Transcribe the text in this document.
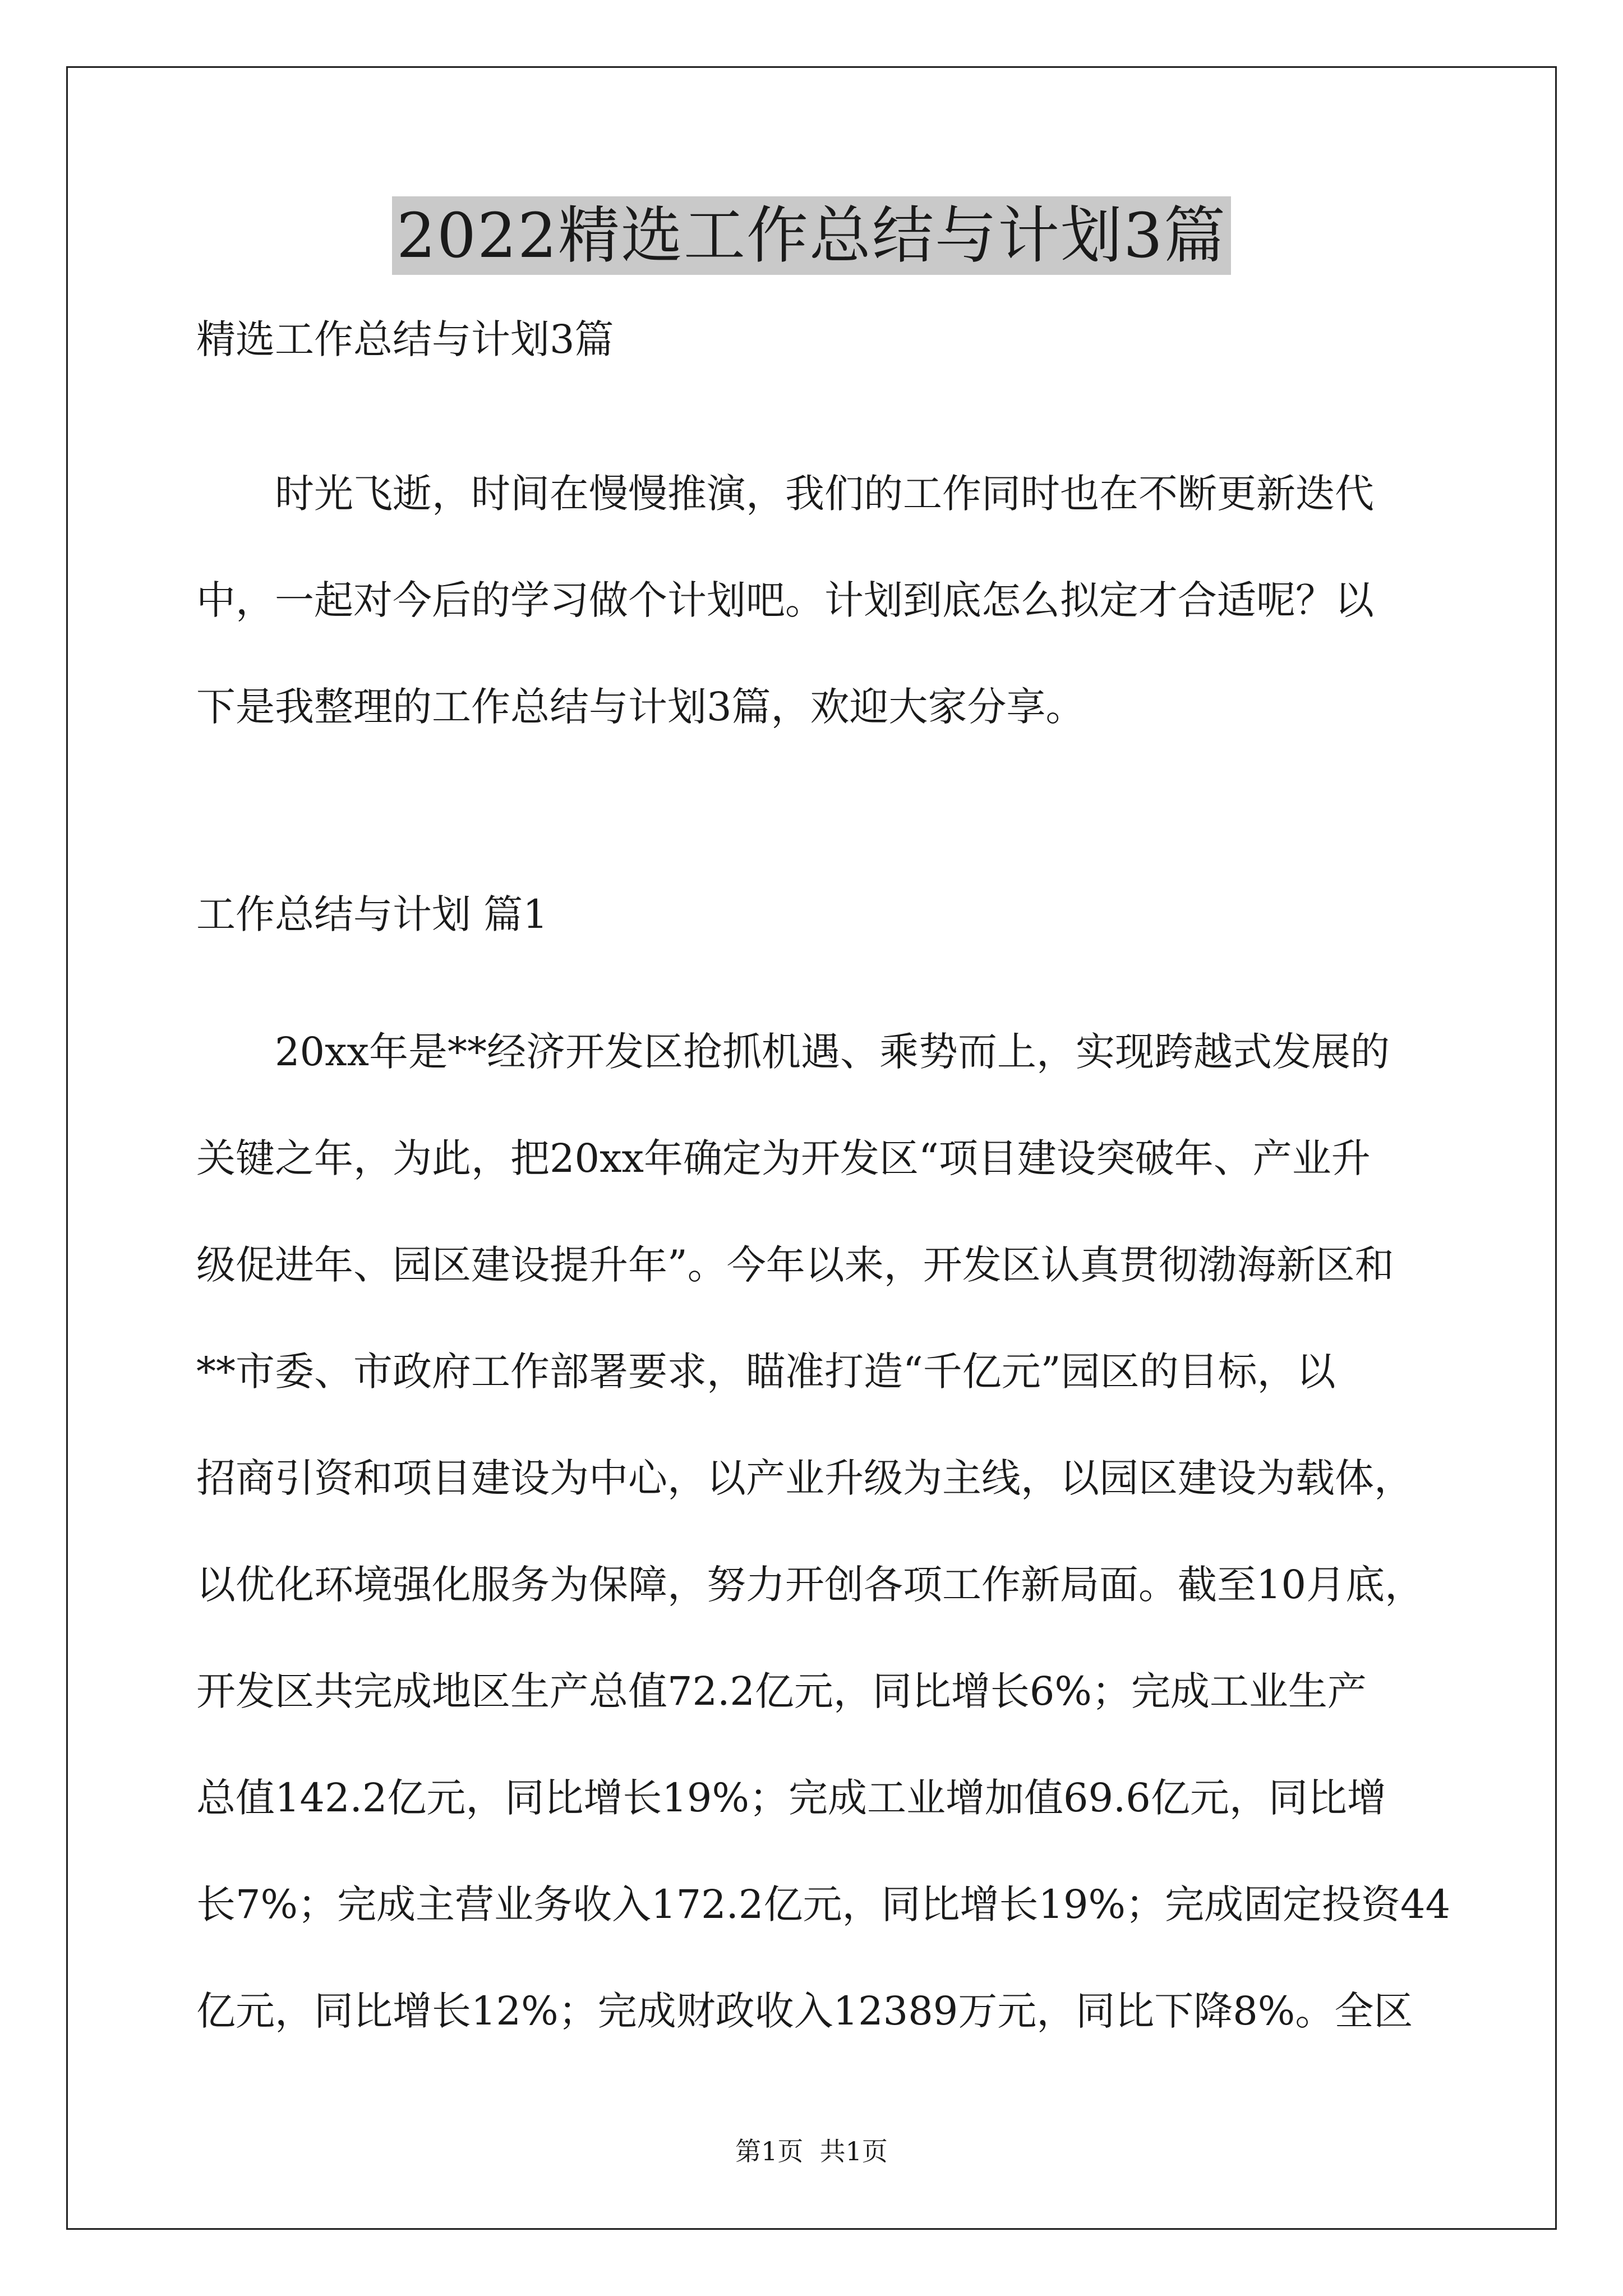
2022精选工作总结与计划3篇
精选工作总结与计划3篇
时光飞逝，时间在慢慢推演，我们的工作同时也在不断更新迭代
中，一起对今后的学习做个计划吧。计划到底怎么拟定才合适呢？以
下是我整理的工作总结与计划3篇，欢迎大家分享。
工作总结与计划 篇1
20xx年是**经济开发区抢抓机遇、乘势而上，实现跨越式发展的
关键之年，为此，把20xx年确定为开发区“项目建设突破年、产业升
级促进年、园区建设提升年”。今年以来，开发区认真贯彻渤海新区和
**市委、市政府工作部署要求，瞄准打造“千亿元”园区的目标，以
招商引资和项目建设为中心，以产业升级为主线，以园区建设为载体，
以优化环境强化服务为保障，努力开创各项工作新局面。截至10月底，
开发区共完成地区生产总值72.2亿元，同比增长6%；完成工业生产
总值142.2亿元，同比增长19%；完成工业增加值69.6亿元，同比增
长7%；完成主营业务收入172.2亿元，同比增长19%；完成固定投资44
亿元，同比增长12%；完成财政收入12389万元，同比下降8%。全区
第1页  共1页
